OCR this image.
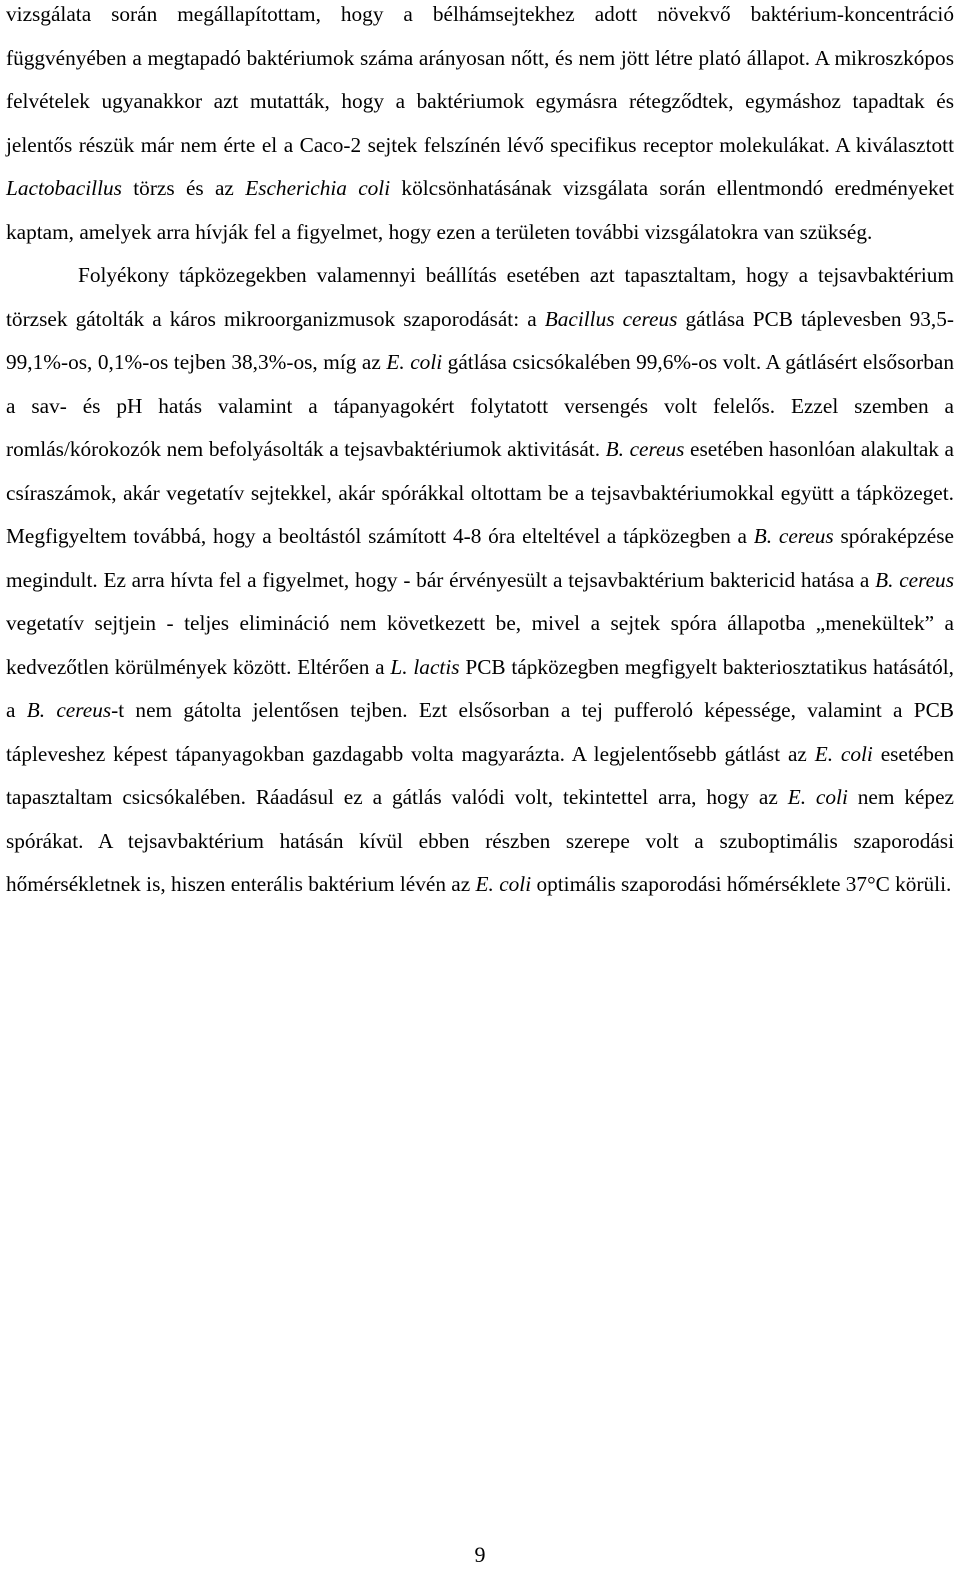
vizsgálata során megállapítottam, hogy a bélhámsejtekhez adott növekvő baktérium-koncentráció függvényében a megtapadó baktériumok száma arányosan nőtt, és nem jött létre plató állapot. A mikroszkópos felvételek ugyanakkor azt mutatták, hogy a baktériumok egymásra rétegződtek, egymáshoz tapadtak és jelentős részük már nem érte el a Caco-2 sejtek felszínén lévő specifikus receptor molekulákat. A kiválasztott Lactobacillus törzs és az Escherichia coli kölcsönhatásának vizsgálata során ellentmondó eredményeket kaptam, amelyek arra hívják fel a figyelmet, hogy ezen a területen további vizsgálatokra van szükség.

Folyékony tápközegekben valamennyi beállítás esetében azt tapasztaltam, hogy a tejsavbaktérium törzsek gátolták a káros mikroorganizmusok szaporodását: a Bacillus cereus gátlása PCB táplevesben 93,5-99,1%-os, 0,1%-os tejben 38,3%-os, míg az E. coli gátlása csicsókalében 99,6%-os volt. A gátlásért elsősorban a sav- és pH hatás valamint a tápanyagokért folytatott versengés volt felelős. Ezzel szemben a romlás/kórokozók nem befolyásolták a tejsavbaktériumok aktivitását. B. cereus esetében hasonlóan alakultak a csíraszámok, akár vegetatív sejtekkel, akár spórákkal oltottam be a tejsavbaktériumokkal együtt a tápközeget. Megfigyeltem továbbá, hogy a beoltástól számított 4-8 óra elteltével a tápközegben a B. cereus spóraképzése megindult. Ez arra hívta fel a figyelmet, hogy - bár érvényesült a tejsavbaktérium baktericid hatása a B. cereus vegetatív sejtjein - teljes elimináció nem következett be, mivel a sejtek spóra állapotba „menekültek” a kedvezőtlen körülmények között. Eltérően a L. lactis PCB tápközegben megfigyelt bakteriosztatikus hatásától, a B. cereus-t nem gátolta jelentősen tejben. Ezt elsősorban a tej pufferoló képessége, valamint a PCB tápleveshez képest tápanyagokban gazdagabb volta magyarázta. A legjelentősebb gátlást az E. coli esetében tapasztaltam csicsókalében. Ráadásul ez a gátlás valódi volt, tekintettel arra, hogy az E. coli nem képez spórákat. A tejsavbaktérium hatásán kívül ebben részben szerepe volt a szuboptimális szaporodási hőmérsékletnek is, hiszen enterális baktérium lévén az E. coli optimális szaporodási hőmérséklete 37°C körüli.

9
